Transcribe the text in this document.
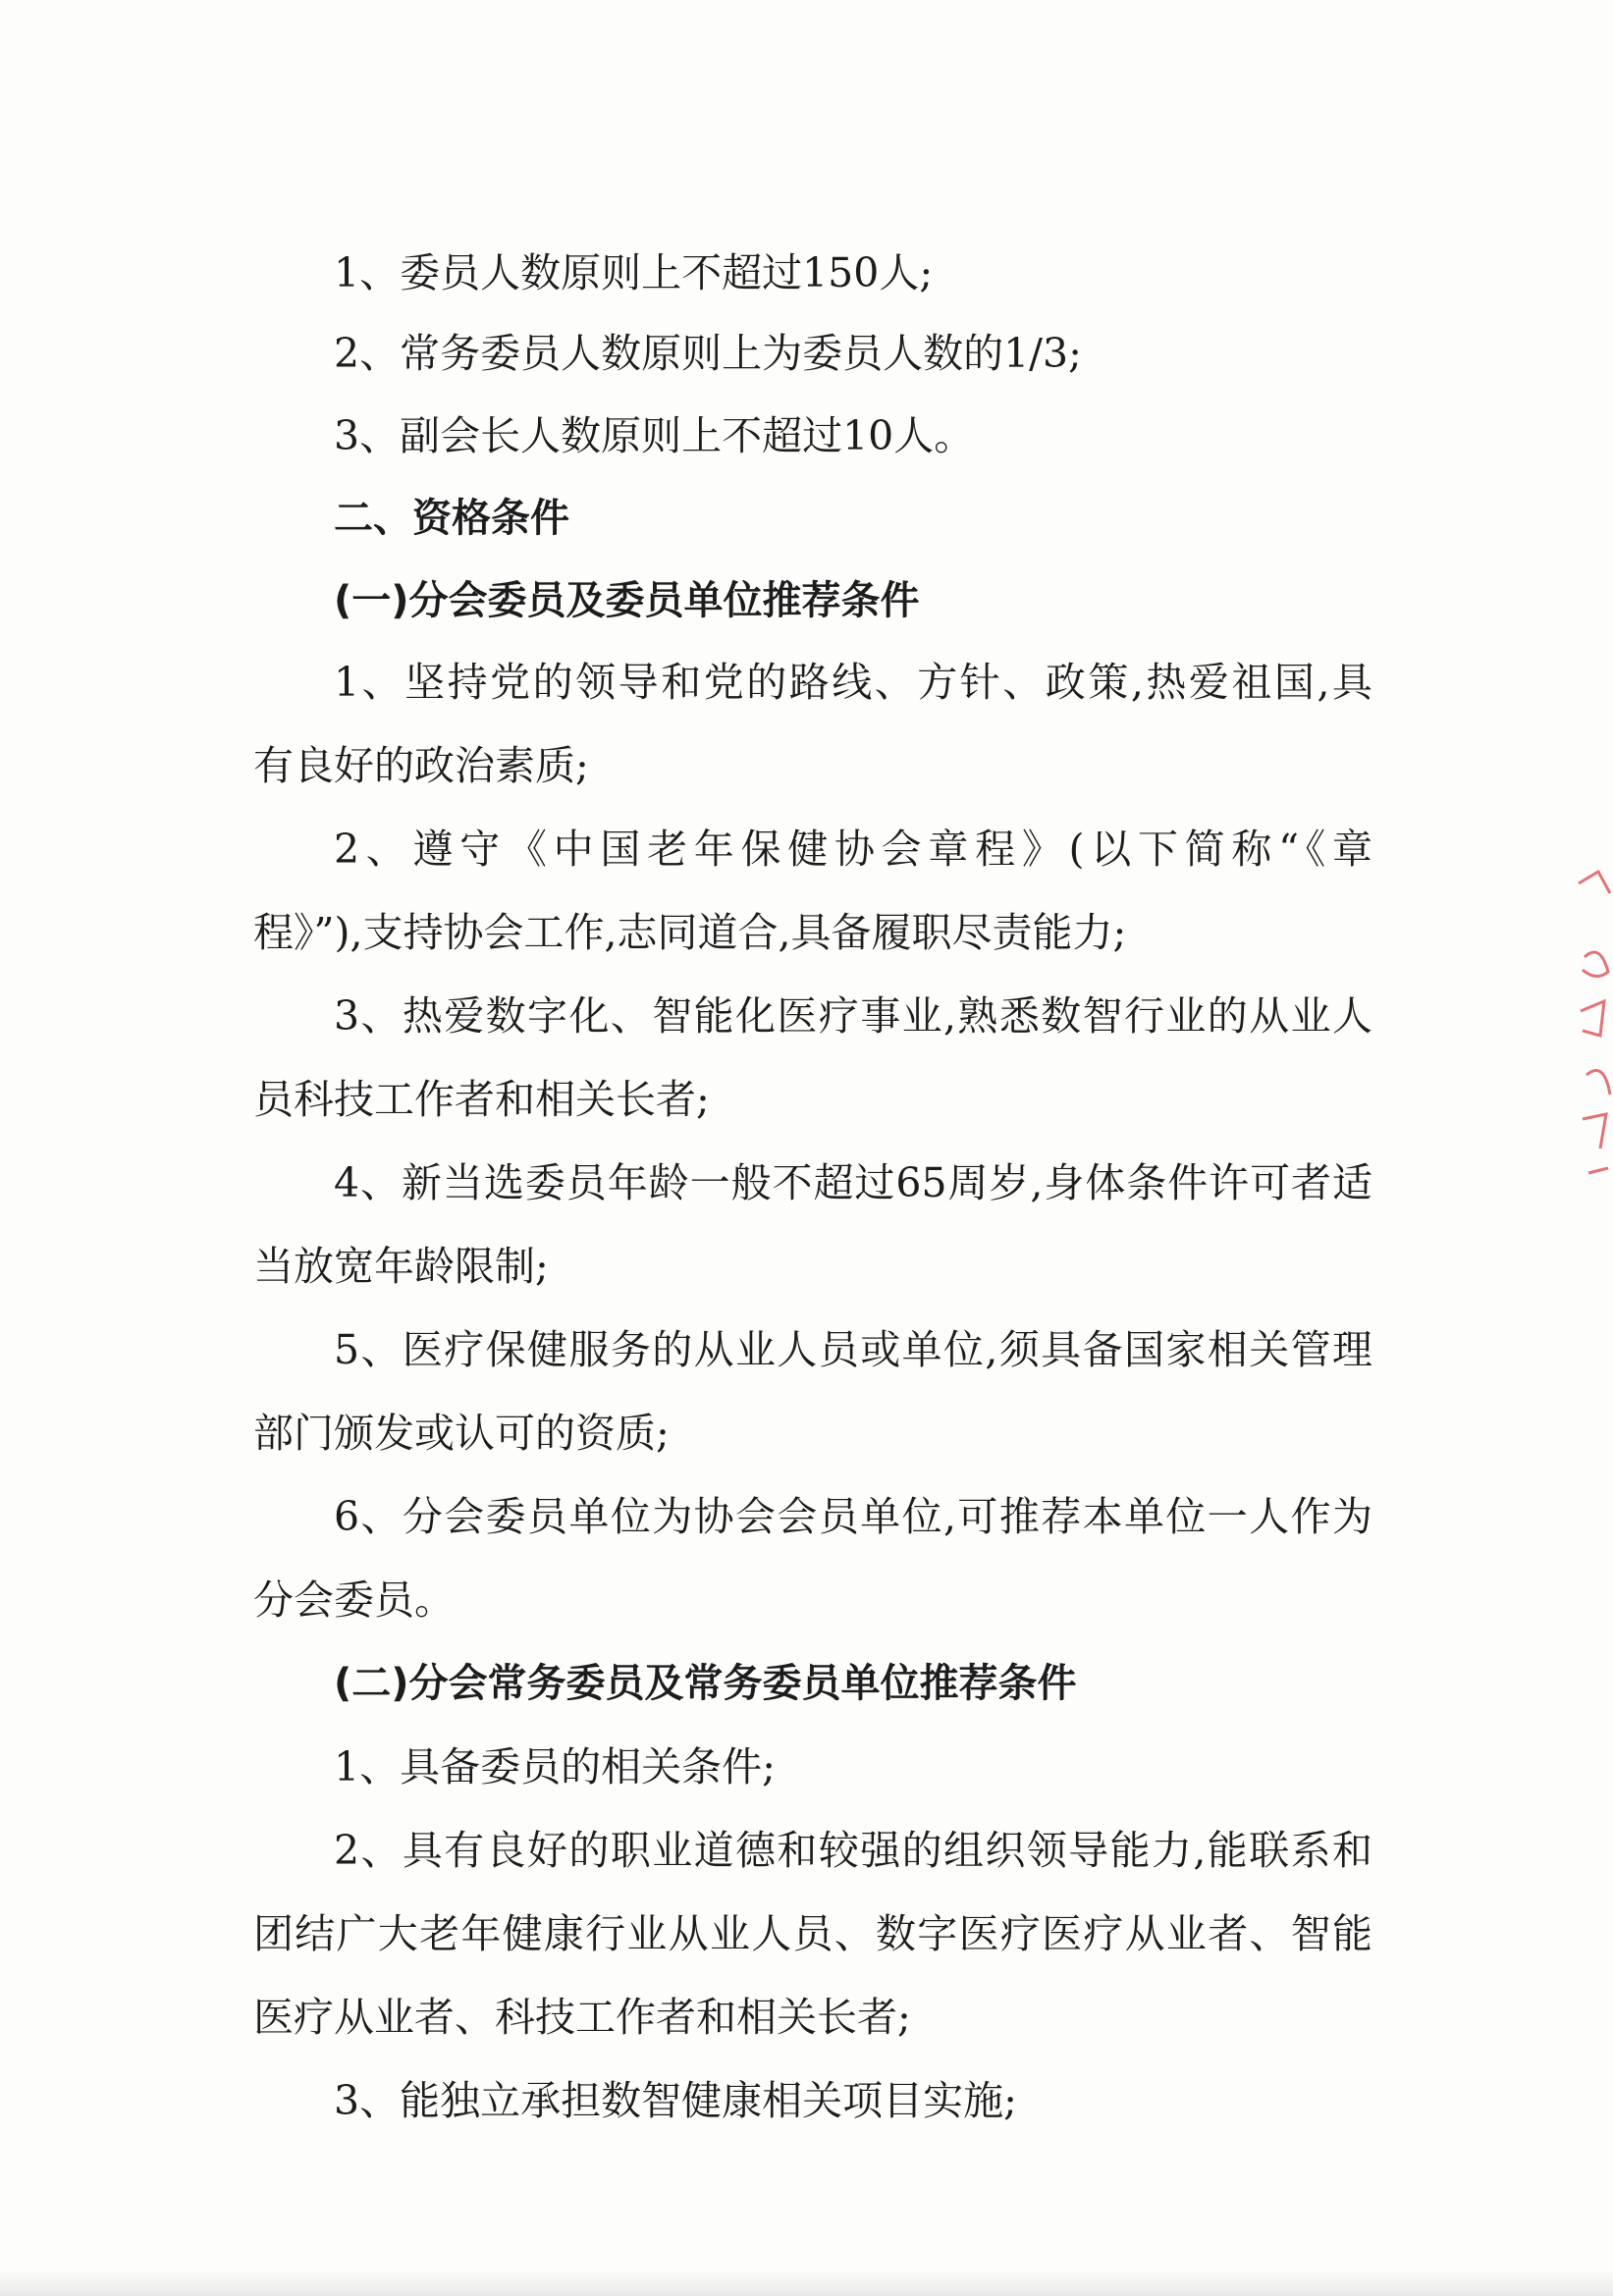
1、委员人数原则上不超过150人;
2、常务委员人数原则上为委员人数的1/3;
3、副会长人数原则上不超过10人。
二、资格条件
(一)分会委员及委员单位推荐条件
1、坚持党的领导和党的路线、方针、政策,热爱祖国,具
有良好的政治素质;
2、遵守《中国老年保健协会章程》(以下简称“《章
程》”),支持协会工作,志同道合,具备履职尽责能力;
3、热爱数字化、智能化医疗事业,熟悉数智行业的从业人
员科技工作者和相关长者;
4、新当选委员年龄一般不超过65周岁,身体条件许可者适
当放宽年龄限制;
5、医疗保健服务的从业人员或单位,须具备国家相关管理
部门颁发或认可的资质;
6、分会委员单位为协会会员单位,可推荐本单位一人作为
分会委员。
(二)分会常务委员及常务委员单位推荐条件
1、具备委员的相关条件;
2、具有良好的职业道德和较强的组织领导能力,能联系和
团结广大老年健康行业从业人员、数字医疗医疗从业者、智能
医疗从业者、科技工作者和相关长者;
3、能独立承担数智健康相关项目实施;
